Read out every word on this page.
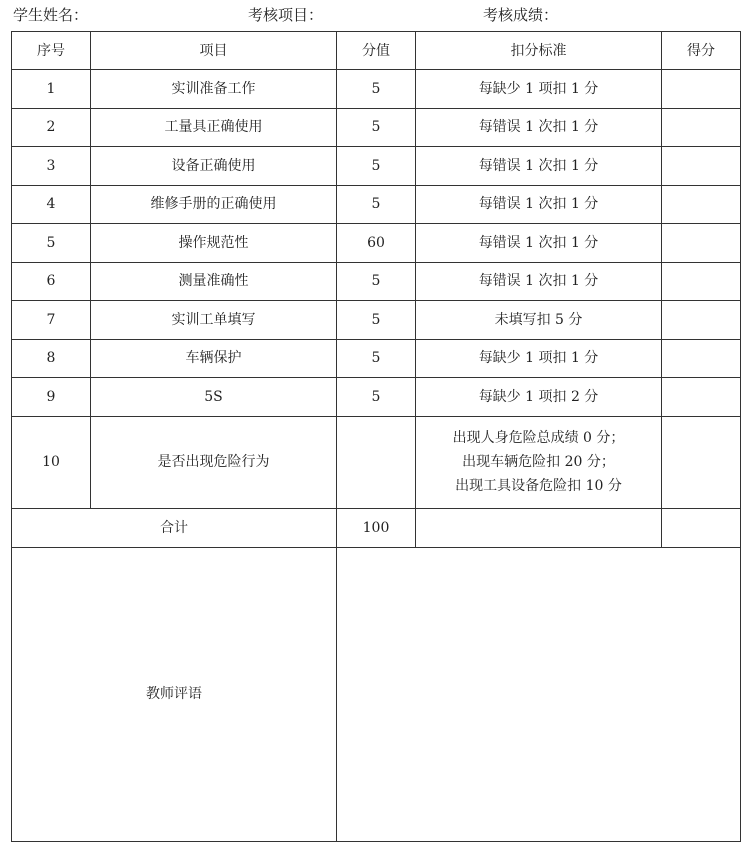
学生姓名：	考核项目：	考核成绩：
序号	项目	分值	扣分标准	得分
1	实训准备工作	5	每缺少 1 项扣 1 分	
2	工量具正确使用	5	每错误 1 次扣 1 分	
3	设备正确使用	5	每错误 1 次扣 1 分	
4	维修手册的正确使用	5	每错误 1 次扣 1 分	
5	操作规范性	60	每错误 1 次扣 1 分	
6	测量准确性	5	每错误 1 次扣 1 分	
7	实训工单填写	5	未填写扣 5 分	
8	车辆保护	5	每缺少 1 项扣 1 分	
9	5S	5	每缺少 1 项扣 2 分	
10	是否出现危险行为		出现人身危险总成绩 0 分；
出现车辆危险扣 20 分；
出现工具设备危险扣 10 分	

合计		100		
教师评语				
